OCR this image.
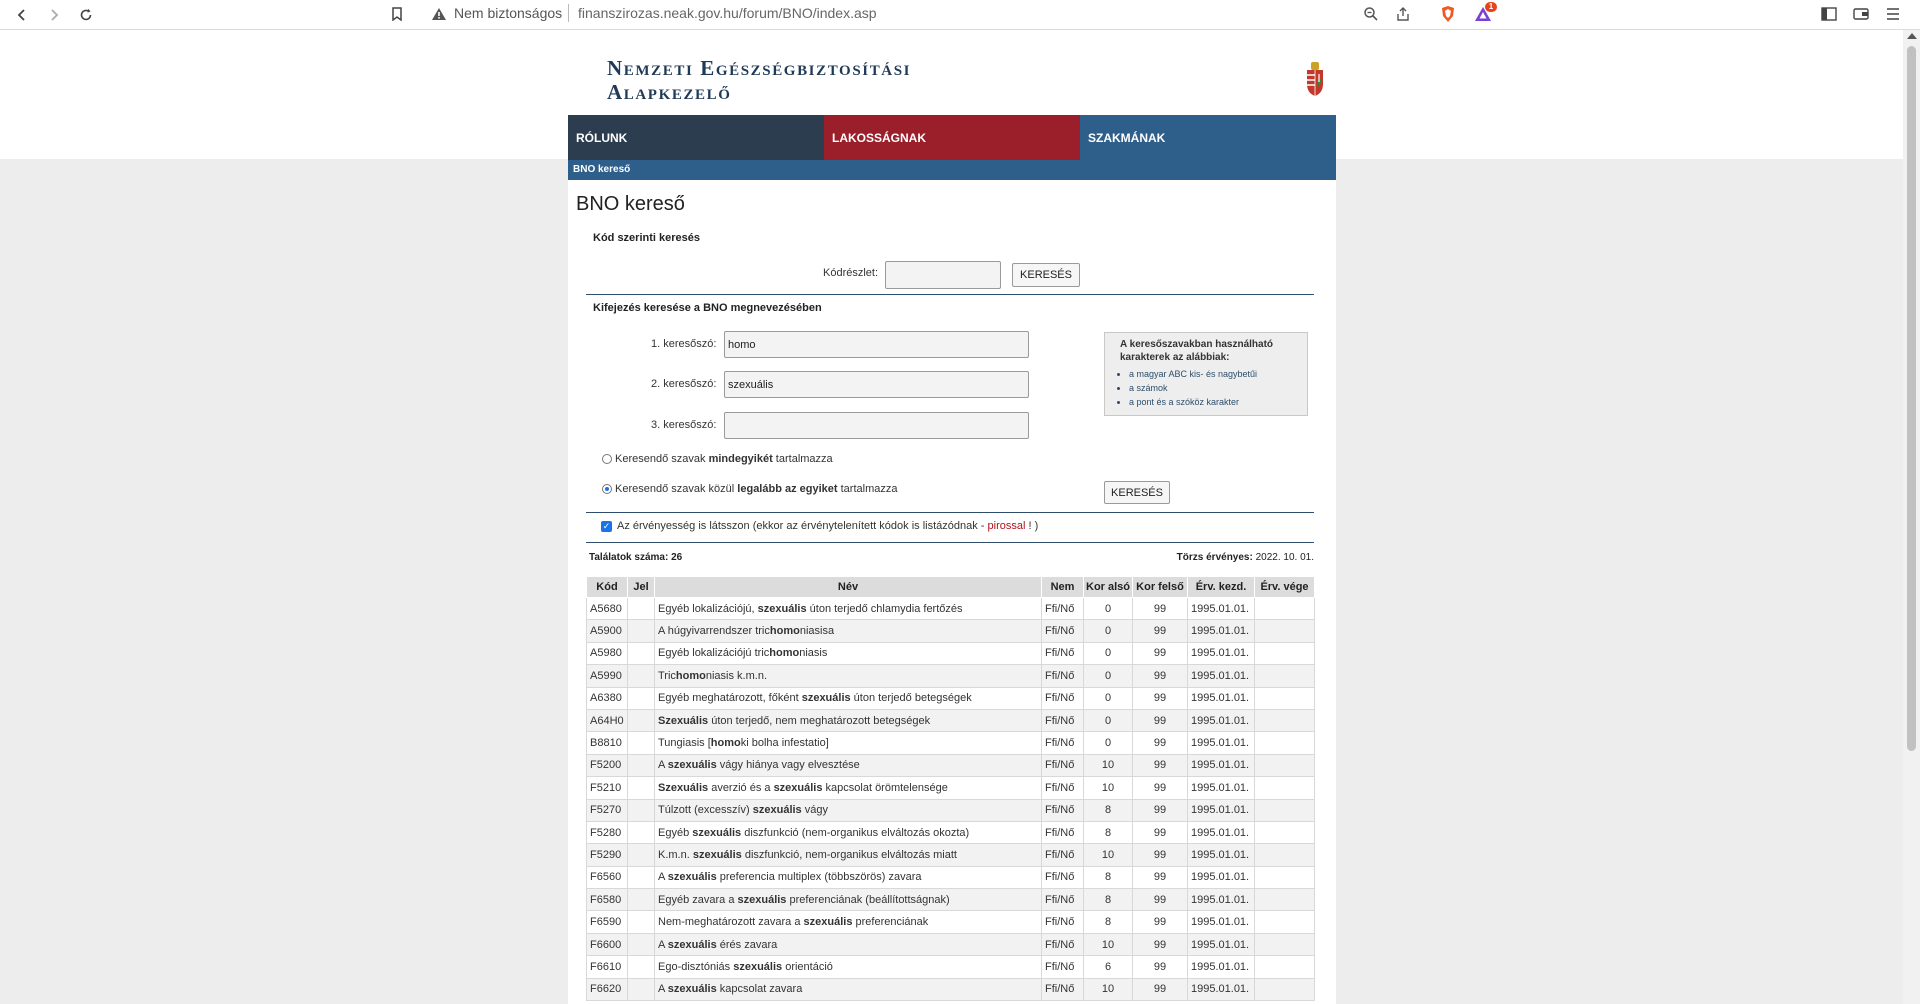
Nem biztonságos finanszirozas.neak.gov.hu/forum/BNO/index.asp	1
Nemzeti Egészségbiztosítási
Alapkezelő
RÓLUNK	LAKOSSÁGNAK	SZAKMÁNAK
BNO kereső
BNO kereső
Kód szerinti keresés
Kódrészlet:	KERESÉS
Kifejezés keresése a BNO megnevezésében
1. keresőszó:
homo
2. keresőszó:
szexuális
3. keresőszó:
A keresőszavakban használható karakterek az alábbiak:
• a magyar ABC kis- és nagybetűi
• a számok
• a pont és a szóköz karakter
Keresendő szavak mindegyikét tartalmazza
Keresendő szavak közül legalább az egyiket tartalmazza	KERESÉS
✓ Az érvényesség is látsszon (ekkor az érvénytelenített kódok is listázódnak - pirossal ! )
Találatok száma: 26	Törzs érvényes: 2022. 10. 01.
Kód	Jel	Név	Nem	Kor alsó	Kor felső	Érv. kezd.	Érv. vége
A5680		Egyéb lokalizációjú, szexuális úton terjedő chlamydia fertőzés	Ffi/Nő	0	99	1995.01.01.	
A5900		A húgyivarrendszer trichomoniasisa	Ffi/Nő	0	99	1995.01.01.	
A5980		Egyéb lokalizációjú trichomoniasis	Ffi/Nő	0	99	1995.01.01.	
A5990		Trichomoniasis k.m.n.	Ffi/Nő	0	99	1995.01.01.	
A6380		Egyéb meghatározott, főként szexuális úton terjedő betegségek	Ffi/Nő	0	99	1995.01.01.	
A64H0		Szexuális úton terjedő, nem meghatározott betegségek	Ffi/Nő	0	99	1995.01.01.	
B8810		Tungiasis [homoki bolha infestatio]	Ffi/Nő	0	99	1995.01.01.	
F5200		A szexuális vágy hiánya vagy elvesztése	Ffi/Nő	10	99	1995.01.01.	
F5210		Szexuális averzió és a szexuális kapcsolat örömtelensége	Ffi/Nő	10	99	1995.01.01.	
F5270		Túlzott (excesszív) szexuális vágy	Ffi/Nő	8	99	1995.01.01.	
F5280		Egyéb szexuális diszfunkció (nem-organikus elváltozás okozta)	Ffi/Nő	8	99	1995.01.01.	
F5290		K.m.n. szexuális diszfunkció, nem-organikus elváltozás miatt	Ffi/Nő	10	99	1995.01.01.	
F6560		A szexuális preferencia multiplex (többszörös) zavara	Ffi/Nő	8	99	1995.01.01.	
F6580		Egyéb zavara a szexuális preferenciának (beállítottságnak)	Ffi/Nő	8	99	1995.01.01.	
F6590		Nem-meghatározott zavara a szexuális preferenciának	Ffi/Nő	8	99	1995.01.01.	
F6600		A szexuális érés zavara	Ffi/Nő	10	99	1995.01.01.	
F6610		Ego-disztóniás szexuális orientáció	Ffi/Nő	6	99	1995.01.01.	
F6620		A szexuális kapcsolat zavara	Ffi/Nő	10	99	1995.01.01.	
